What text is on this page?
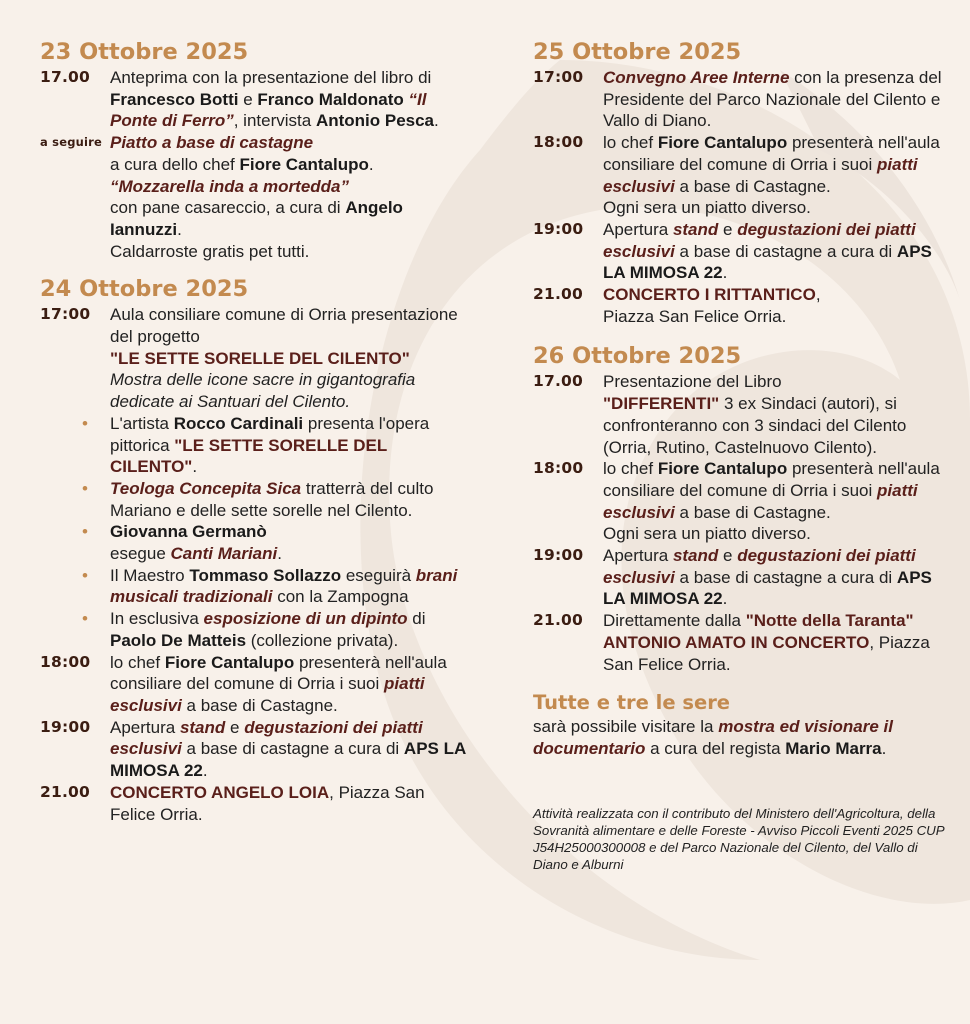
23 Ottobre 2025
17.00	Anteprima con la presentazione del libro di Francesco Botti e Franco Maldonato “Il Ponte di Ferro”, intervista Antonio Pesca.
a seguire Piatto a base di castagne
a cura dello chef Fiore Cantalupo.
“Mozzarella inda a mortedda”
con pane casareccio, a cura di Angelo Iannuzzi.
Caldarroste gratis pet tutti.
24 Ottobre 2025
17:00	Aula consiliare comune di Orria presentazione del progetto
"LE SETTE SORELLE DEL CILENTO"
Mostra delle icone sacre in gigantografia dedicate ai Santuari del Cilento.
• L'artista Rocco Cardinali presenta l'opera pittorica "LE SETTE SORELLE DEL CILENTO".
• Teologa Concepita Sica tratterrà del culto Mariano e delle sette sorelle nel Cilento.
• Giovanna Germanò
esegue Canti Mariani.
• Il Maestro Tommaso Sollazzo eseguirà brani musicali tradizionali con la Zampogna
• In esclusiva esposizione di un dipinto di Paolo De Matteis (collezione privata).
18:00	lo chef Fiore Cantalupo presenterà nell'aula consiliare del comune di Orria i suoi piatti esclusivi a base di Castagne.
19:00	Apertura stand e degustazioni dei piatti esclusivi a base di castagne a cura di APS LA MIMOSA 22.
21.00	CONCERTO ANGELO LOIA, Piazza San Felice Orria.
25 Ottobre 2025
17:00	Convegno Aree Interne con la presenza del Presidente del Parco Nazionale del Cilento e Vallo di Diano.
18:00	lo chef Fiore Cantalupo presenterà nell'aula consiliare del comune di Orria i suoi piatti esclusivi a base di Castagne.
Ogni sera un piatto diverso.
19:00	Apertura stand e degustazioni dei piatti esclusivi a base di castagne a cura di APS LA MIMOSA 22.
21.00	CONCERTO I RITTANTICO,
Piazza San Felice Orria.
26 Ottobre 2025
17.00	Presentazione del Libro
"DIFFERENTI" 3 ex Sindaci (autori), si confronteranno con 3 sindaci del Cilento (Orria, Rutino, Castelnuovo Cilento).
18:00	lo chef Fiore Cantalupo presenterà nell'aula consiliare del comune di Orria i suoi piatti esclusivi a base di Castagne.
Ogni sera un piatto diverso.
19:00	Apertura stand e degustazioni dei piatti esclusivi a base di castagne a cura di APS LA MIMOSA 22.
21.00	Direttamente dalla "Notte della Taranta" ANTONIO AMATO IN CONCERTO, Piazza San Felice Orria.
Tutte e tre le sere
sarà possibile visitare la mostra ed visionare il documentario a cura del regista Mario Marra.
Attività realizzata con il contributo del Ministero dell'Agricoltura, della Sovranità alimentare e delle Foreste - Avviso Piccoli Eventi 2025 CUP J54H25000300008 e del Parco Nazionale del Cilento, del Vallo di Diano e Alburni
